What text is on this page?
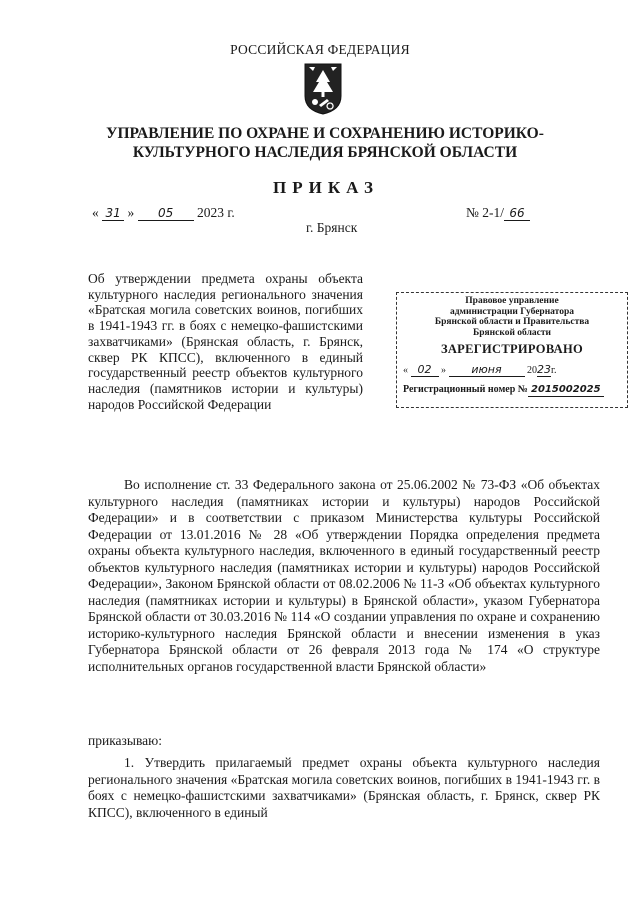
РОССИЙСКАЯ ФЕДЕРАЦИЯ
УПРАВЛЕНИЕ ПО ОХРАНЕ И СОХРАНЕНИЮ ИСТОРИКО-
КУЛЬТУРНОГО НАСЛЕДИЯ БРЯНСКОЙ ОБЛАСТИ
ПРИКАЗ
« 31 » 05 2023 г.	№ 2-1/ 66
г. Брянск
Об утверждении предмета охраны объекта культурного наследия регионального значения «Братская могила советских воинов, погибших в 1941-1943 гг. в боях с немецко-фашистскими захватчиками» (Брянская область, г. Брянск, сквер РК КПСС), включенного в единый государственный реестр объектов культурного наследия (памятников истории и культуры) народов Российской Федерации
Правовое управление
администрации Губернатора
Брянской области и Правительства
Брянской области
ЗАРЕГИСТРИРОВАНО
« 02 » июня	2023г.
Регистрационный номер № 2015002025
Во исполнение ст. 33 Федерального закона от 25.06.2002 № 73-ФЗ «Об объектах культурного наследия (памятниках истории и культуры) народов Российской Федерации» и в соответствии с приказом Министерства культуры Российской Федерации от 13.01.2016 № 28 «Об утверждении Порядка определения предмета охраны объекта культурного наследия, включенного в единый государственный реестр объектов культурного наследия (памятниках истории и культуры) народов Российской Федерации», Законом Брянской области от 08.02.2006 № 11-З «Об объектах культурного наследия (памятниках истории и культуры) в Брянской области», указом Губернатора Брянской области от 30.03.2016 № 114 «О создании управления по охране и сохранению историко-культурного наследия Брянской области и внесении изменения в указ Губернатора Брянской области от 26 февраля 2013 года № 174 «О структуре исполнительных органов государственной власти Брянской области»
приказываю:
1. Утвердить прилагаемый предмет охраны объекта культурного наследия регионального значения «Братская могила советских воинов, погибших в 1941-1943 гг. в боях с немецко-фашистскими захватчиками» (Брянская область, г. Брянск, сквер РК КПСС), включенного в единый
